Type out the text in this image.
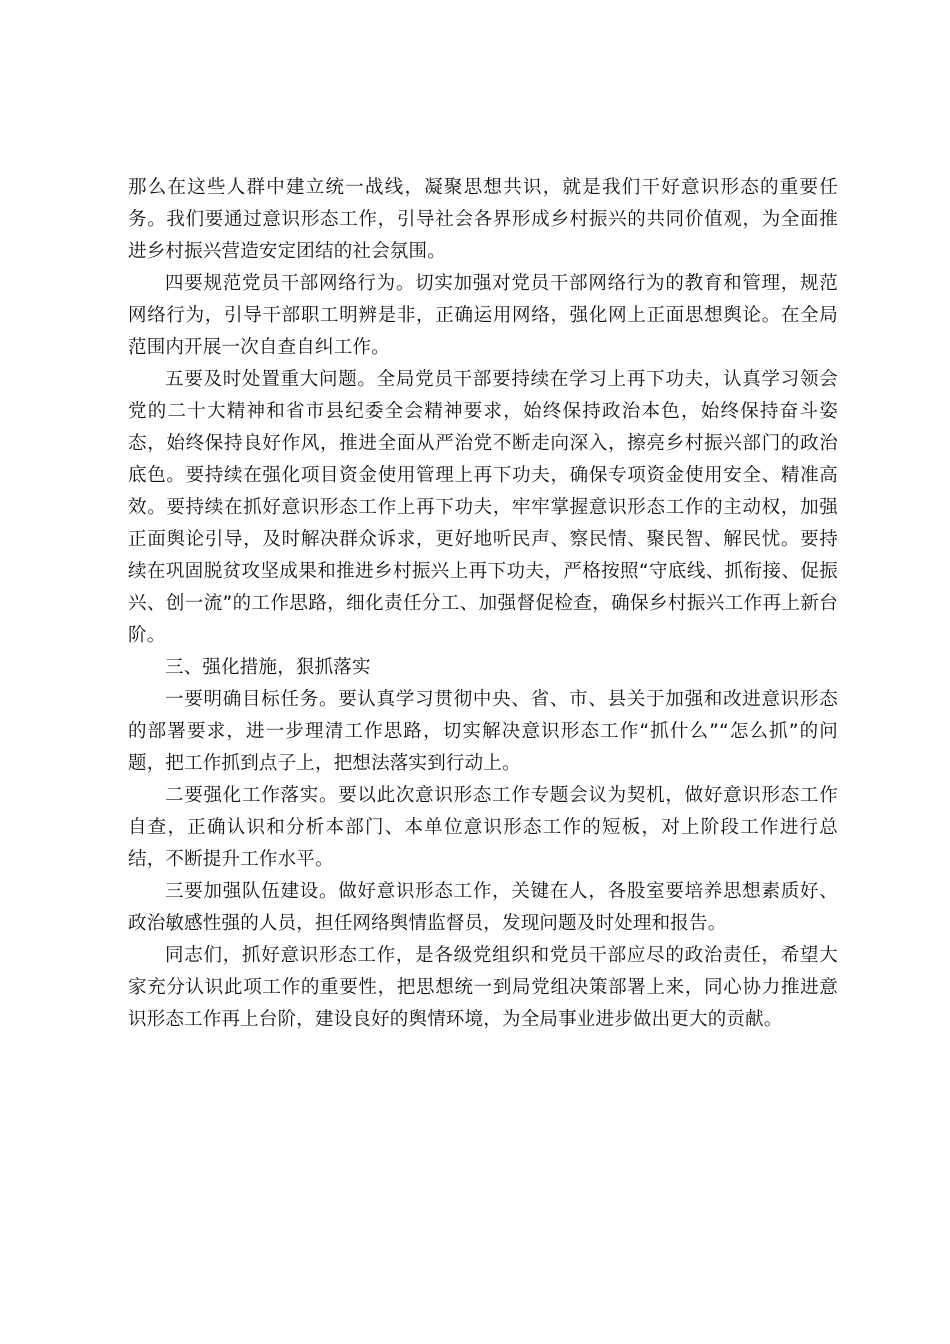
那么在这些人群中建立统一战线，凝聚思想共识，就是我们干好意识形态的重要任务。我们要通过意识形态工作，引导社会各界形成乡村振兴的共同价值观，为全面推进乡村振兴营造安定团结的社会氛围。

四要规范党员干部网络行为。切实加强对党员干部网络行为的教育和管理，规范网络行为，引导干部职工明辨是非，正确运用网络，强化网上正面思想舆论。在全局范围内开展一次自查自纠工作。

五要及时处置重大问题。全局党员干部要持续在学习上再下功夫，认真学习领会党的二十大精神和省市县纪委全会精神要求，始终保持政治本色，始终保持奋斗姿态，始终保持良好作风，推进全面从严治党不断走向深入，擦亮乡村振兴部门的政治底色。要持续在强化项目资金使用管理上再下功夫，确保专项资金使用安全、精准高效。要持续在抓好意识形态工作上再下功夫，牢牢掌握意识形态工作的主动权，加强正面舆论引导，及时解决群众诉求，更好地听民声、察民情、聚民智、解民忧。要持续在巩固脱贫攻坚成果和推进乡村振兴上再下功夫，严格按照“守底线、抓衔接、促振兴、创一流”的工作思路，细化责任分工、加强督促检查，确保乡村振兴工作再上新台阶。

三、强化措施，狠抓落实

一要明确目标任务。要认真学习贯彻中央、省、市、县关于加强和改进意识形态的部署要求，进一步理清工作思路，切实解决意识形态工作“抓什么”“怎么抓”的问题，把工作抓到点子上，把想法落实到行动上。

二要强化工作落实。要以此次意识形态工作专题会议为契机，做好意识形态工作自查，正确认识和分析本部门、本单位意识形态工作的短板，对上阶段工作进行总结，不断提升工作水平。

三要加强队伍建设。做好意识形态工作，关键在人，各股室要培养思想素质好、政治敏感性强的人员，担任网络舆情监督员，发现问题及时处理和报告。

同志们，抓好意识形态工作，是各级党组织和党员干部应尽的政治责任，希望大家充分认识此项工作的重要性，把思想统一到局党组决策部署上来，同心协力推进意识形态工作再上台阶，建设良好的舆情环境，为全局事业进步做出更大的贡献。
